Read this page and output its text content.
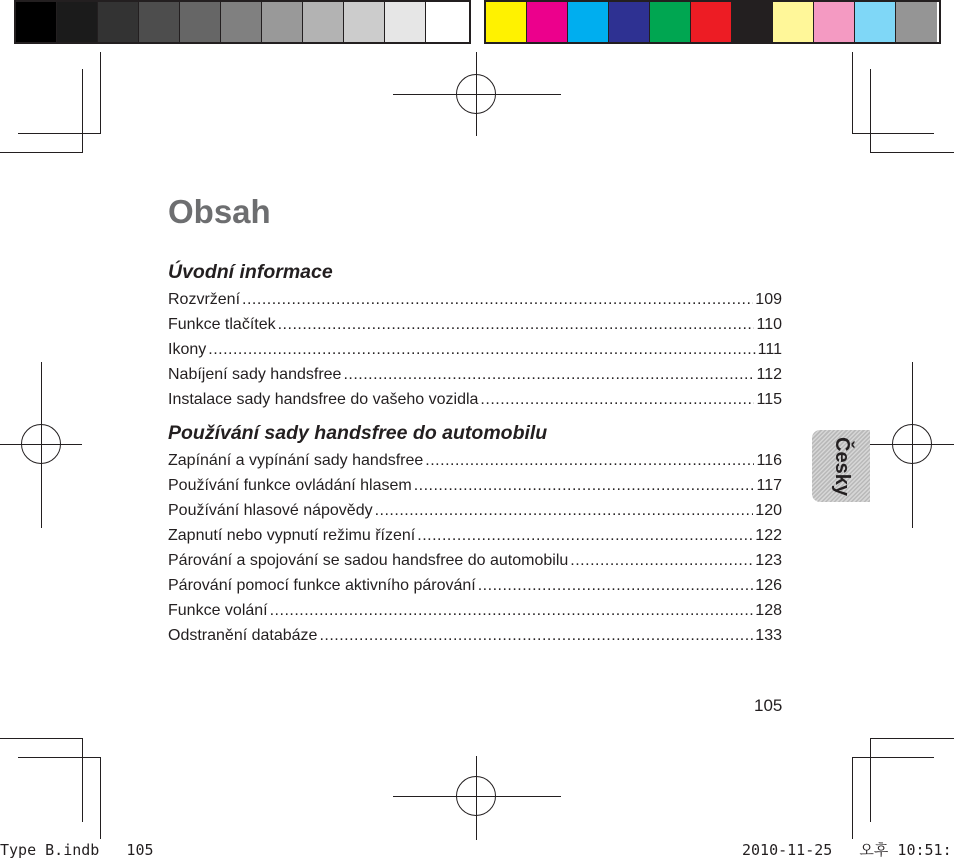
Obsah
Úvodní informace
Rozvržení .....	109
Funkce tlačítek .....	110
Ikony .....	111
Nabíjení sady handsfree .....	112
Instalace sady handsfree do vašeho vozidla .....	115
Používání sady handsfree do automobilu
Zapínání a vypínání sady handsfree .....	116
Používání funkce ovládání hlasem .....	117
Používání hlasové nápovědy .....	120
Zapnutí nebo vypnutí režimu řízení .....	122
Párování a spojování se sadou handsfree do automobilu .....	123
Párování pomocí funkce aktivního párování .....	126
Funkce volání .....	128
Odstranění databáze .....	133
Česky
105
Type B.indb   105	2010-11-25   오후 10:51:
